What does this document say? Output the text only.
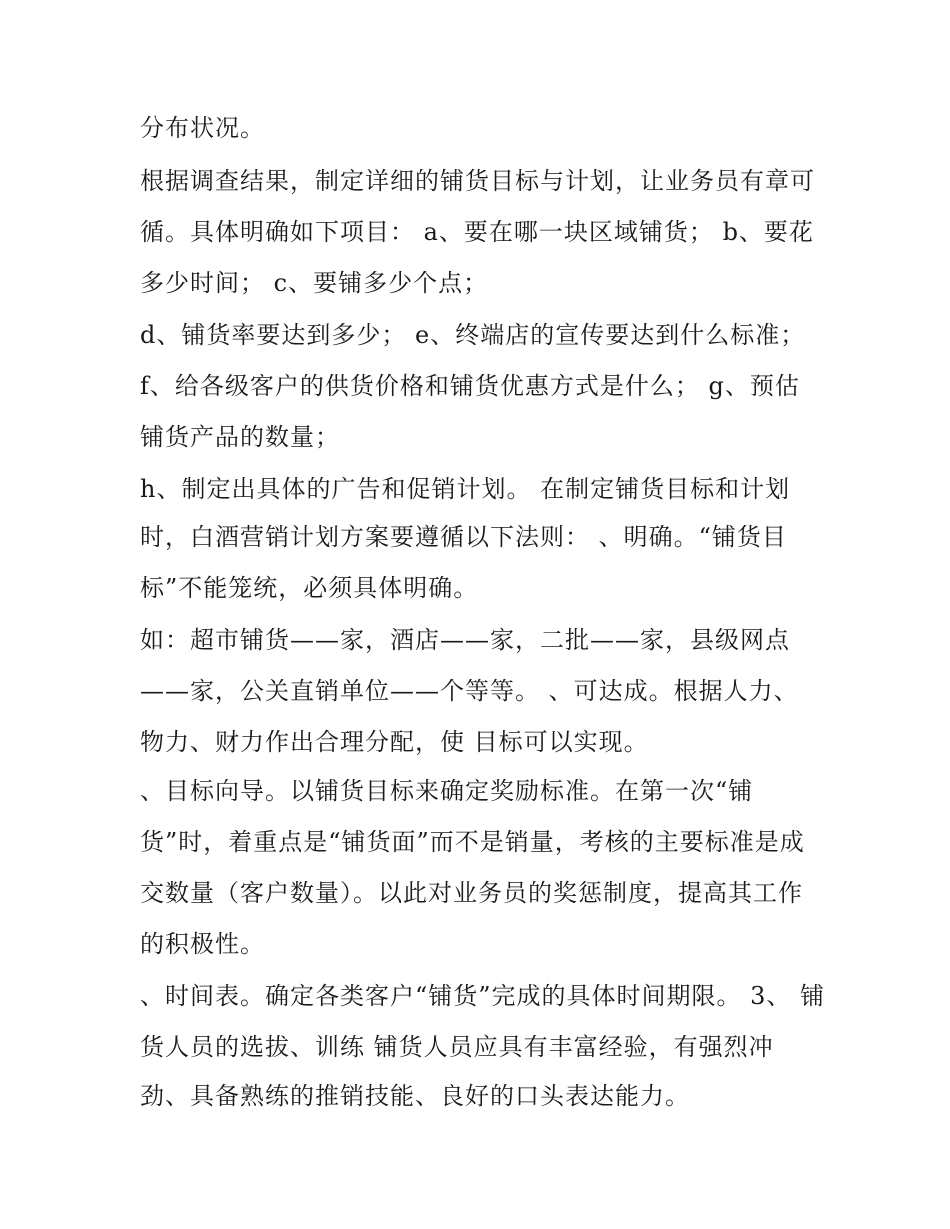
分布状况。
根据调查结果，制定详细的铺货目标与计划，让业务员有章可
循。具体明确如下项目： a、要在哪一块区域铺货； b、要花
多少时间； c、要铺多少个点；
d、铺货率要达到多少； e、终端店的宣传要达到什么标准；
f、给各级客户的供货价格和铺货优惠方式是什么； g、预估
铺货产品的数量；
h、制定出具体的广告和促销计划。 在制定铺货目标和计划
时，白酒营销计划方案要遵循以下法则： 、明确。“铺货目
标”不能笼统，必须具体明确。
如：超市铺货——家，酒店——家，二批——家，县级网点
——家，公关直销单位——个等等。 、可达成。根据人力、
物力、财力作出合理分配，使 目标可以实现。
、目标向导。以铺货目标来确定奖励标准。在第一次“铺
货”时，着重点是“铺货面”而不是销量，考核的主要标准是成
交数量（客户数量）。以此对业务员的奖惩制度，提高其工作
的积极性。
、时间表。确定各类客户“铺货”完成的具体时间期限。 3、 铺
货人员的选拔、训练 铺货人员应具有丰富经验，有强烈冲
劲、具备熟练的推销技能、良好的口头表达能力。
